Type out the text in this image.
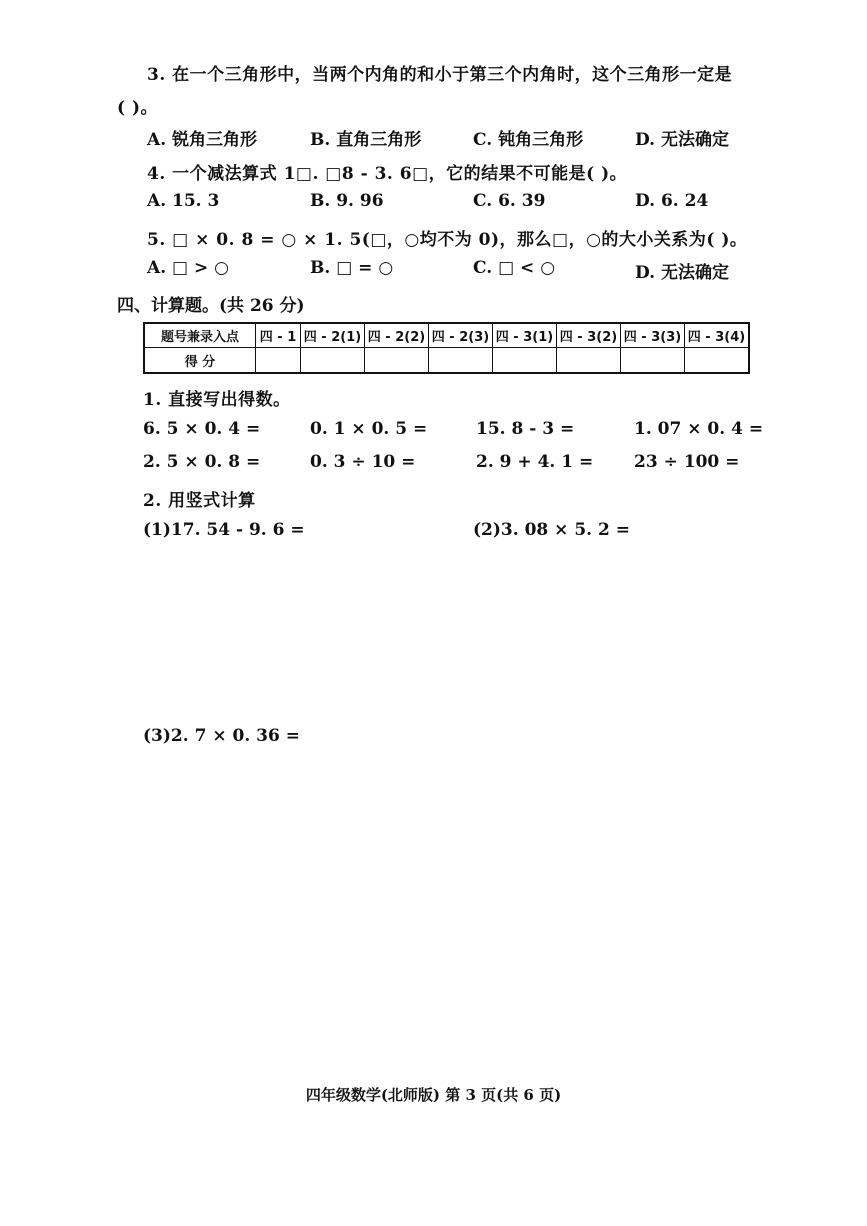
3. 在一个三角形中，当两个内角的和小于第三个内角时，这个三角形一定是
( )。
A. 锐角三角形	B. 直角三角形	C. 钝角三角形	D. 无法确定
4. 一个减法算式 1□. □8 - 3. 6□，它的结果不可能是( )。
A. 15. 3	B. 9. 96	C. 6. 39	D. 6. 24
5. □ × 0. 8 = ○ × 1. 5(□，○均不为 0)，那么□，○的大小关系为( )。
A. □ > ○	B. □ = ○	C. □ < ○	D. 无法确定
四、计算题。(共 26 分)
题号兼录入点	四 - 1	四 - 2(1)	四 - 2(2)	四 - 2(3)	四 - 3(1)	四 - 3(2)	四 - 3(3)	四 - 3(4)
得 分								
1. 直接写出得数。
6. 5 × 0. 4 =	0. 1 × 0. 5 =	15. 8 - 3 =	1. 07 × 0. 4 =
2. 5 × 0. 8 =	0. 3 ÷ 10 =	2. 9 + 4. 1 = 23 ÷ 100 =
2. 用竖式计算
(1)17. 54 - 9. 6 =	(2)3. 08 × 5. 2 =
(3)2. 7 × 0. 36 =
四年级数学(北师版) 第 3 页(共 6 页)
